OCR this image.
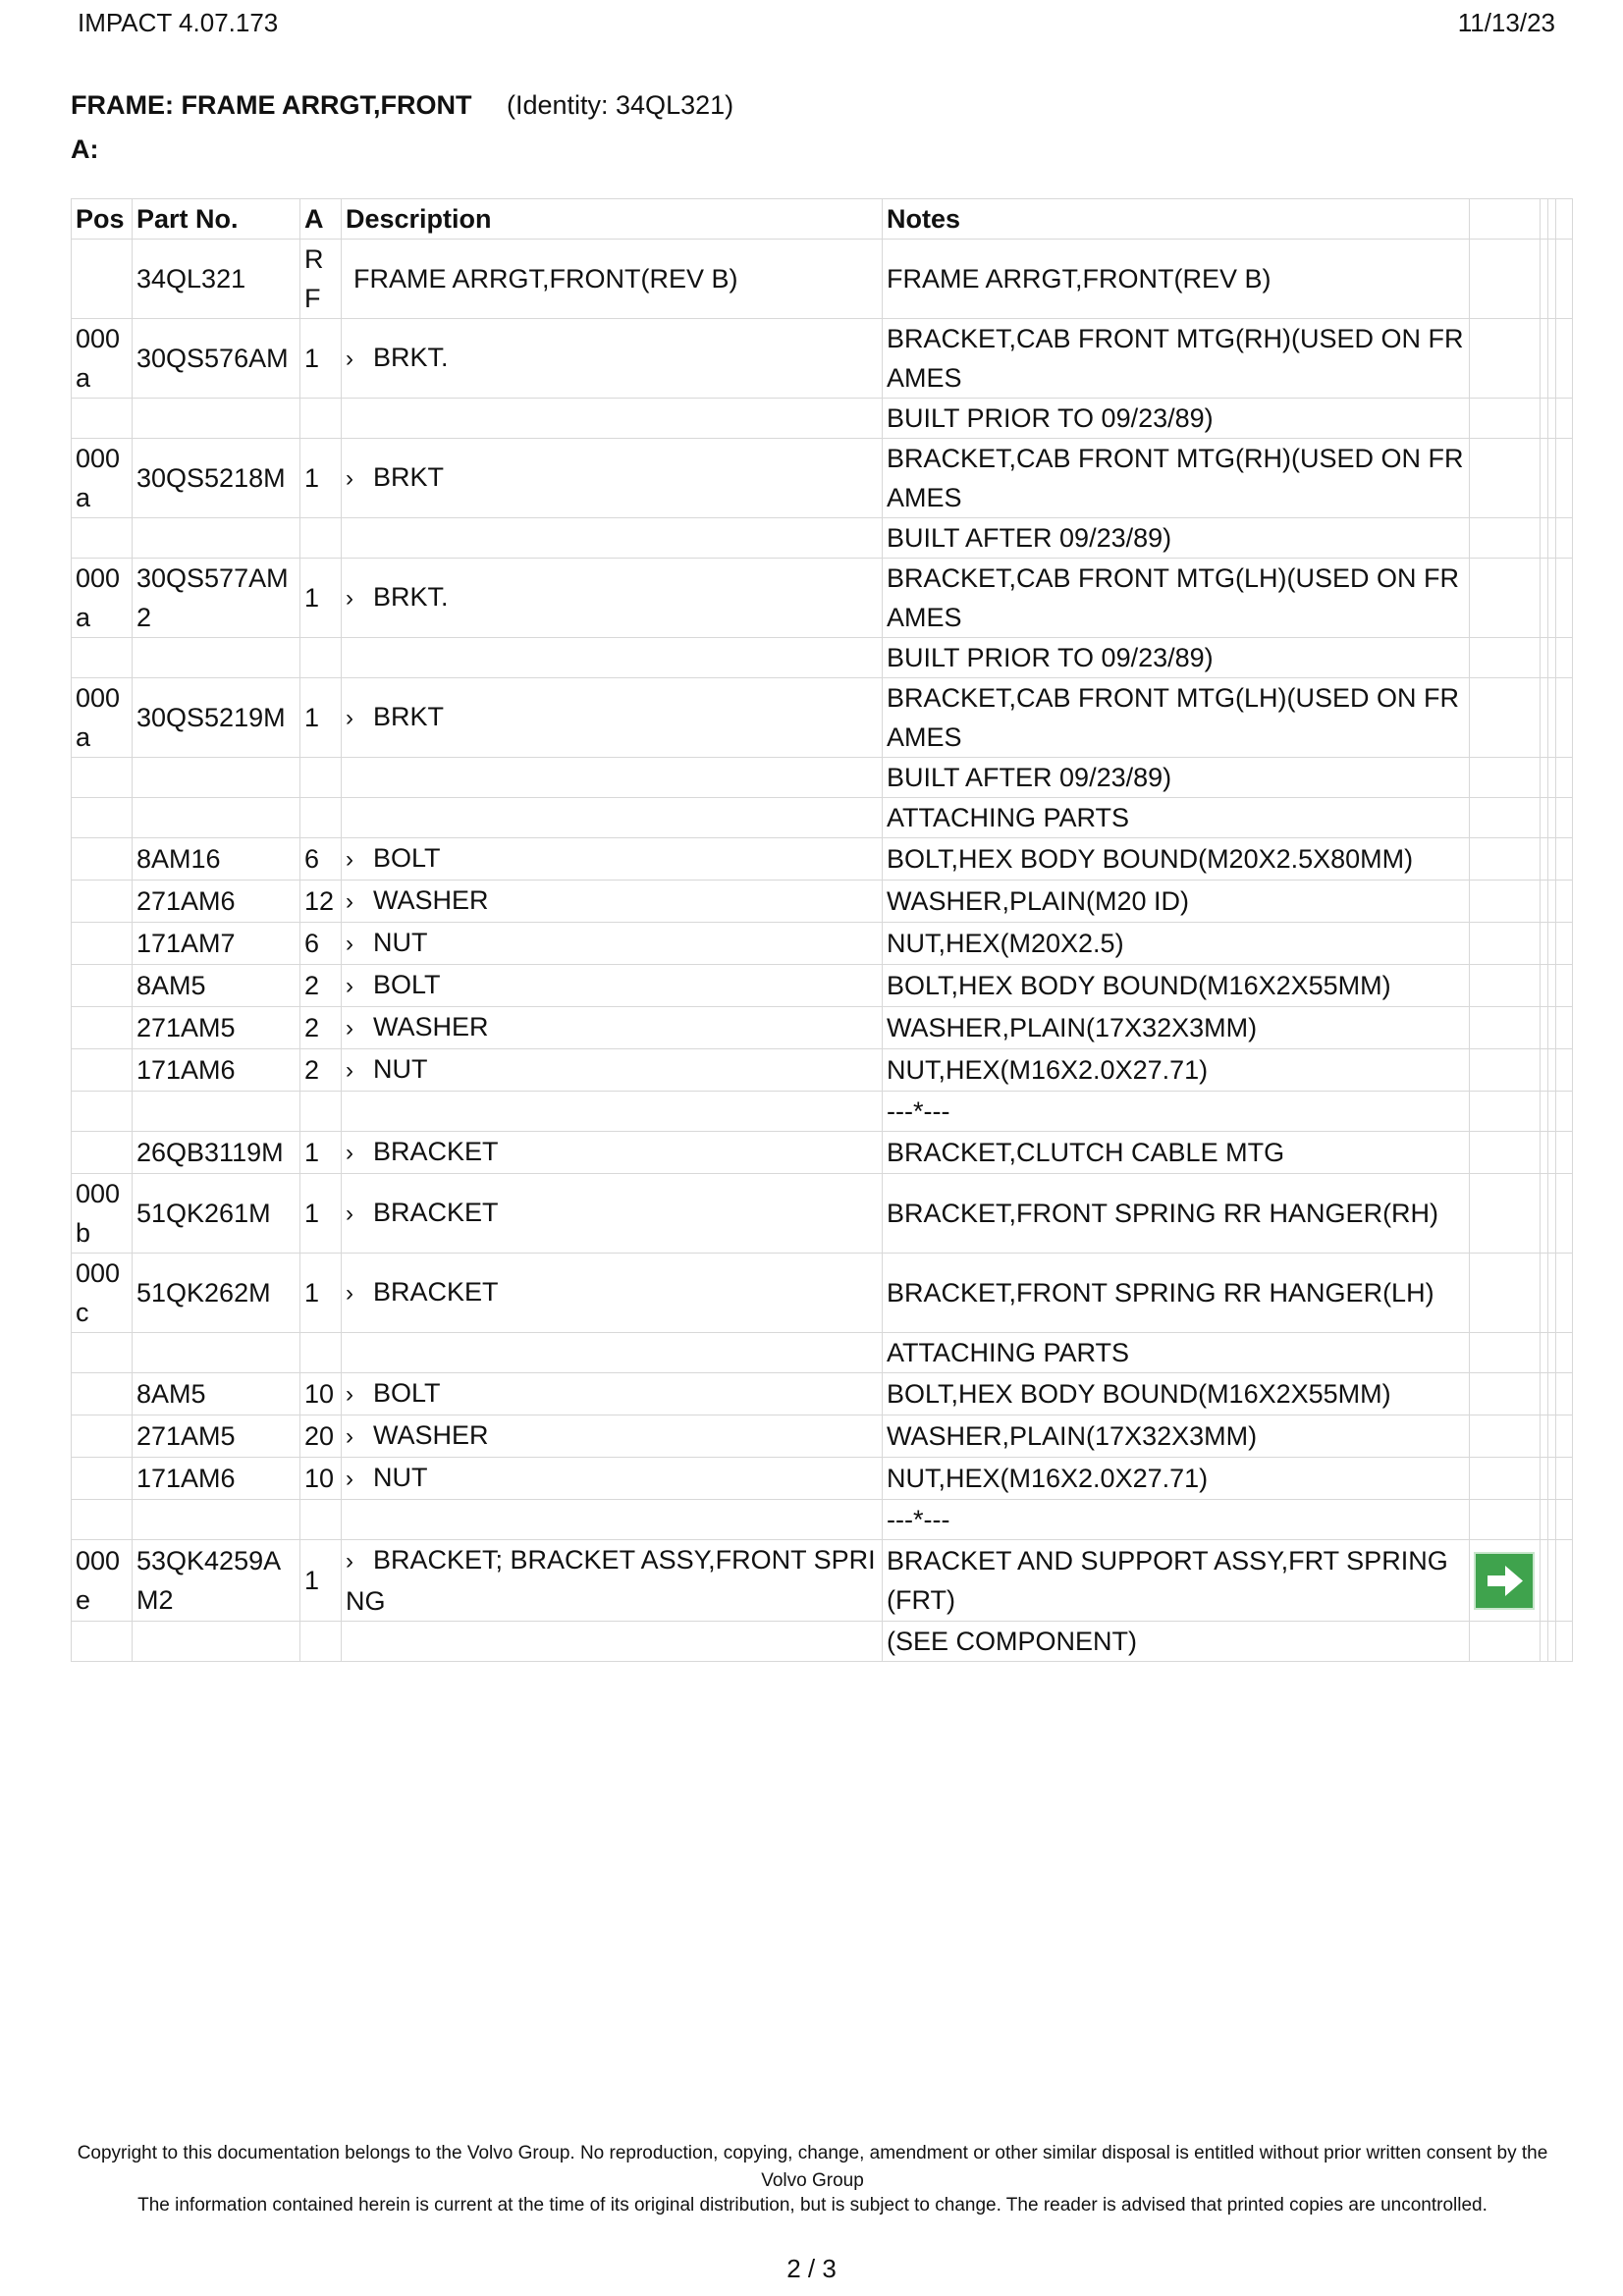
IMPACT 4.07.173	11/13/23
FRAME: FRAME ARRGT,FRONT (Identity: 34QL321)
A:
Pos	Part No.	A	Description	Notes				
	34QL321	RF	FRAME ARRGT,FRONT(REV B)	FRAME ARRGT,FRONT(REV B)				
000a	30QS576AM	1	› BRKT.	BRACKET,CAB FRONT MTG(RH)(USED ON FRAMES				
				BUILT PRIOR TO 09/23/89)				
000a	30QS5218M	1	› BRKT	BRACKET,CAB FRONT MTG(RH)(USED ON FRAMES				
				BUILT AFTER 09/23/89)				
000a	30QS577AM2	1	› BRKT.	BRACKET,CAB FRONT MTG(LH)(USED ON FRAMES				
				BUILT PRIOR TO 09/23/89)				
000a	30QS5219M	1	› BRKT	BRACKET,CAB FRONT MTG(LH)(USED ON FRAMES				
				BUILT AFTER 09/23/89)				
				ATTACHING PARTS				
	8AM16	6	› BOLT	BOLT,HEX BODY BOUND(M20X2.5X80MM)				
	271AM6	12	› WASHER	WASHER,PLAIN(M20 ID)				
	171AM7	6	› NUT	NUT,HEX(M20X2.5)				
	8AM5	2	› BOLT	BOLT,HEX BODY BOUND(M16X2X55MM)				
	271AM5	2	› WASHER	WASHER,PLAIN(17X32X3MM)				
	171AM6	2	› NUT	NUT,HEX(M16X2.0X27.71)				
				---*---				
	26QB3119M	1	› BRACKET	BRACKET,CLUTCH CABLE MTG				
000b	51QK261M	1	› BRACKET	BRACKET,FRONT SPRING RR HANGER(RH)				
000c	51QK262M	1	› BRACKET	BRACKET,FRONT SPRING RR HANGER(LH)				
				ATTACHING PARTS				
	8AM5	10	› BOLT	BOLT,HEX BODY BOUND(M16X2X55MM)				
	271AM5	20	› WASHER	WASHER,PLAIN(17X32X3MM)				
	171AM6	10	› NUT	NUT,HEX(M16X2.0X27.71)				
				---*---				
000e	53QK4259AM2	1	› BRACKET; BRACKET ASSY,FRONT SPRING	BRACKET AND SUPPORT ASSY,FRT SPRING(FRT)	

				(SEE COMPONENT)				
Copyright to this documentation belongs to the Volvo Group. No reproduction, copying, change, amendment or other similar disposal is entitled without prior written consent by the Volvo Group
The information contained herein is current at the time of its original distribution, but is subject to change. The reader is advised that printed copies are uncontrolled.
2 / 3
